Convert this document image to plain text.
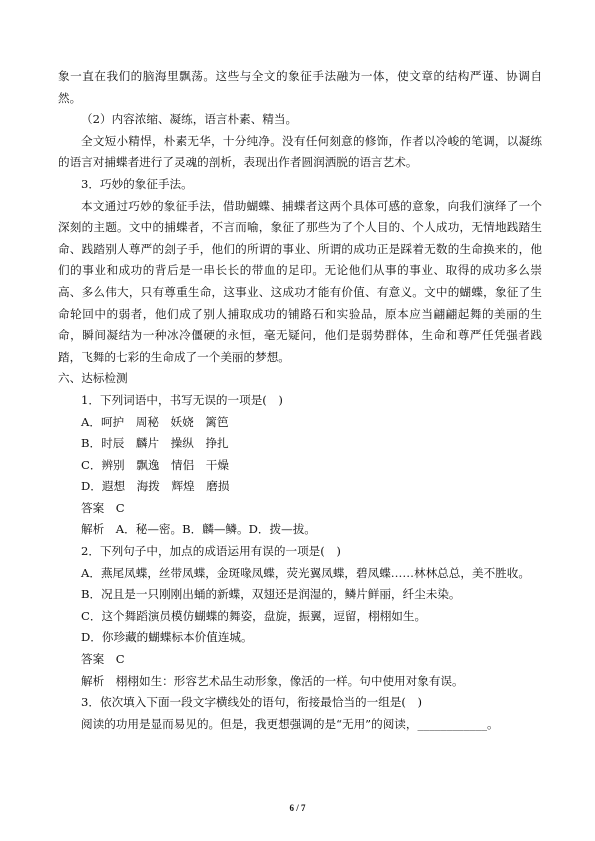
象一直在我们的脑海里飘荡。这些与全文的象征手法融为一体，使文章的结构严谨、协调自然。

（2）内容浓缩、凝练，语言朴素、精当。

全文短小精悍，朴素无华，十分纯净。没有任何刻意的修饰，作者以冷峻的笔调，以凝练的语言对捕蝶者进行了灵魂的剖析，表现出作者圆润洒脱的语言艺术。

3．巧妙的象征手法。

本文通过巧妙的象征手法，借助蝴蝶、捕蝶者这两个具体可感的意象，向我们演绎了一个深刻的主题。文中的捕蝶者，不言而喻，象征了那些为了个人目的、个人成功，无情地践踏生命、践踏别人尊严的刽子手，他们的所谓的事业、所谓的成功正是踩着无数的生命换来的，他们的事业和成功的背后是一串长长的带血的足印。无论他们从事的事业、取得的成功多么崇高、多么伟大，只有尊重生命，这事业、这成功才能有价值、有意义。文中的蝴蝶，象征了生命轮回中的弱者，他们成了别人捕取成功的铺路石和实验品，原本应当翩翩起舞的美丽的生命，瞬间凝结为一种冰冷僵硬的永恒，毫无疑问，他们是弱势群体，生命和尊严任凭强者践踏，飞舞的七彩的生命成了一个美丽的梦想。

六、达标检测

1．下列词语中，书写无误的一项是(　)

A．呵护　周秘　妖娆　篱笆

B．时辰　麟片　操纵　挣扎

C．辨别　飘逸　情侣　干燥

D．遐想　海拨　辉煌　磨损

答案　C

解析　A．秘—密。B．麟—鳞。D．拨—拔。

2．下列句子中，加点的成语运用有误的一项是(　)

A．燕尾凤蝶，丝带凤蝶，金斑喙凤蝶，荧光翼凤蝶，碧凤蝶……林林总总，美不胜收。

B．况且是一只刚刚出蛹的新蝶，双翅还是润湿的，鳞片鲜丽，纤尘未染。

C．这个舞蹈演员模仿蝴蝶的舞姿，盘旋，振翼，逗留，栩栩如生。

D．你珍藏的蝴蝶标本价值连城。

答案　C

解析　栩栩如生：形容艺术品生动形象，像活的一样。句中使用对象有误。

3．依次填入下面一段文字横线处的语句，衔接最恰当的一组是(　)

阅读的功用是显而易见的。但是，我更想强调的是“无用”的阅读，____________。

6 / 7
